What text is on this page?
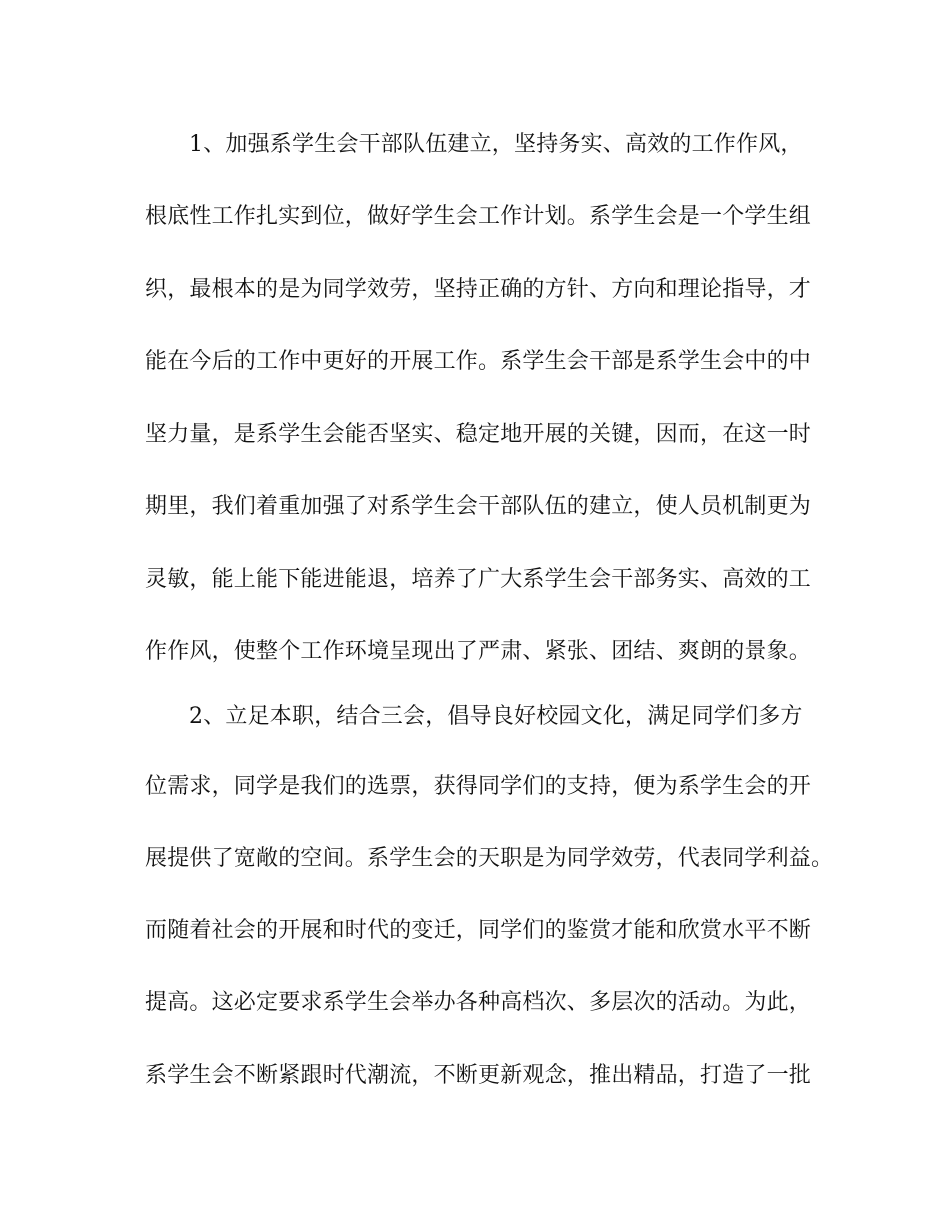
1、加强系学生会干部队伍建立，坚持务实、高效的工作作风，
根底性工作扎实到位，做好学生会工作计划。系学生会是一个学生组
织，最根本的是为同学效劳，坚持正确的方针、方向和理论指导，才
能在今后的工作中更好的开展工作。系学生会干部是系学生会中的中
坚力量，是系学生会能否坚实、稳定地开展的关键，因而，在这一时
期里，我们着重加强了对系学生会干部队伍的建立，使人员机制更为
灵敏，能上能下能进能退，培养了广大系学生会干部务实、高效的工
作作风，使整个工作环境呈现出了严肃、紧张、团结、爽朗的景象。
2、立足本职，结合三会，倡导良好校园文化，满足同学们多方
位需求，同学是我们的选票，获得同学们的支持，便为系学生会的开
展提供了宽敞的空间。系学生会的天职是为同学效劳，代表同学利益。
而随着社会的开展和时代的变迁，同学们的鉴赏才能和欣赏水平不断
提高。这必定要求系学生会举办各种高档次、多层次的活动。为此，
系学生会不断紧跟时代潮流，不断更新观念，推出精品，打造了一批
